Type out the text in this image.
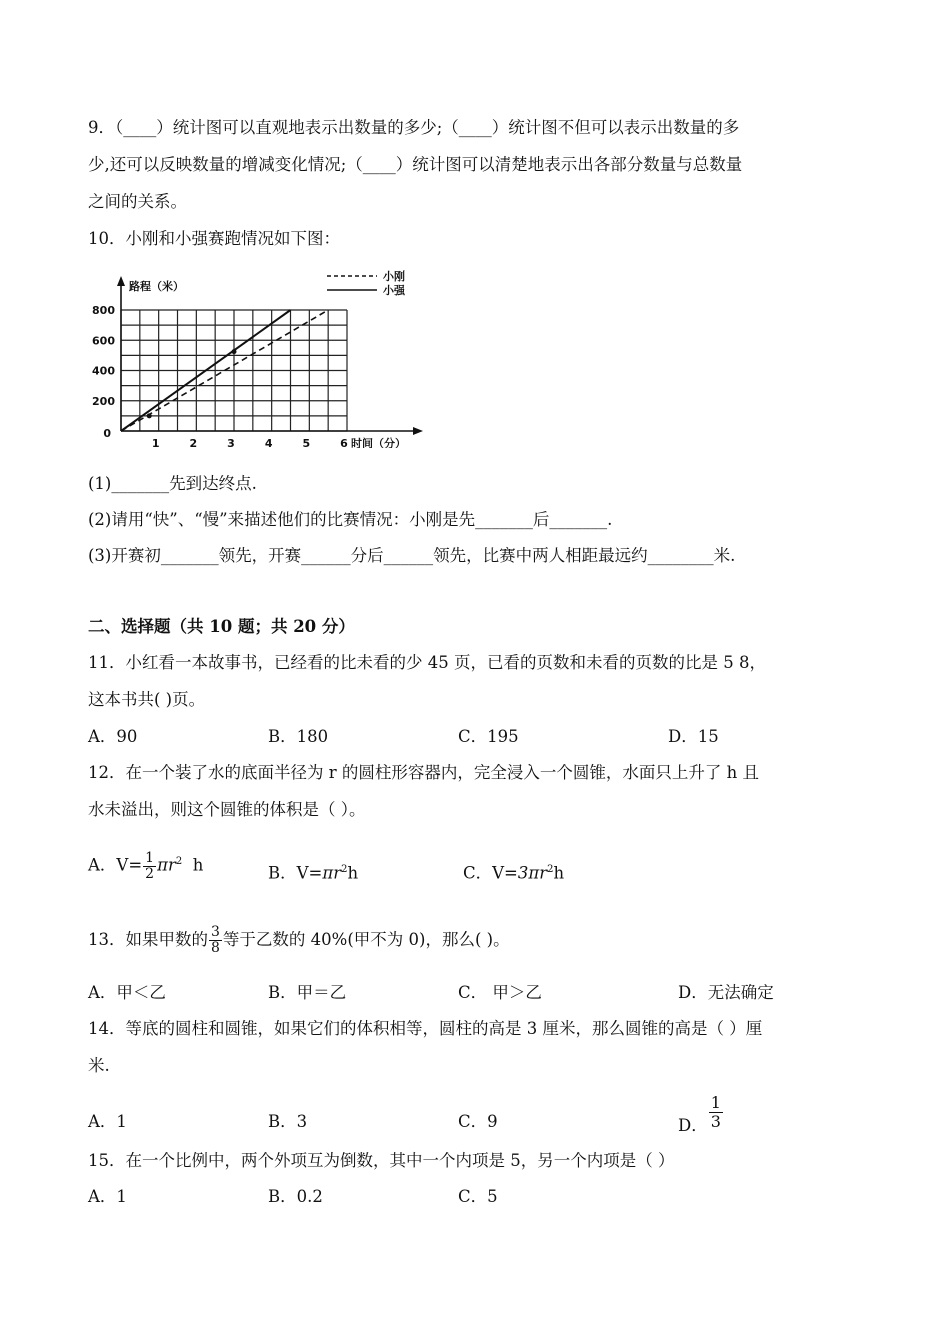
9．（____）统计图可以直观地表示出数量的多少;（____）统计图不但可以表示出数量的多
少,还可以反映数量的增减变化情况;（____）统计图可以清楚地表示出各部分数量与总数量
之间的关系。
10．小刚和小强赛跑情况如下图：
1	2	3	4	5	6
200
400
600
800
0
路程（米）
时间（分）
小刚
小强
(1)_______先到达终点.
(2)请用“快”、“慢”来描述他们的比赛情况：小刚是先_______后_______.
(3)开赛初_______领先，开赛______分后______领先，比赛中两人相距最远约________米.
二、选择题（共 10 题；共 20 分）
11．小红看一本故事书，已经看的比未看的少 45 页，已看的页数和未看的页数的比是 5 8，
这本书共( )页。
A．90	B．180	C．195	D．15
12．在一个装了水的底面半径为 r 的圆柱形容器内，完全浸入一个圆锥，水面只上升了 h 且
水未溢出，则这个圆锥的体积是（ ）。
A．$V= \frac{1}{2} \pi r^2$ h	B．$V=\pi r^2h$	C．$V=3\pi r^2h$
13．如果甲数的 $\frac{3}{8}$ 等于乙数的 40%(甲不为 0)，那么( )。
A．甲＜乙	B．甲＝乙	C． 甲＞乙	D．无法确定
14．等底的圆柱和圆锥，如果它们的体积相等，圆柱的高是 3 厘米，那么圆锥的高是（ ）厘
米.
A．1	B．3	C．9	D． $\frac{1}{3}$
15．在一个比例中，两个外项互为倒数，其中一个内项是 5，另一个内项是（ ）
A．1	B．0.2	C．5
